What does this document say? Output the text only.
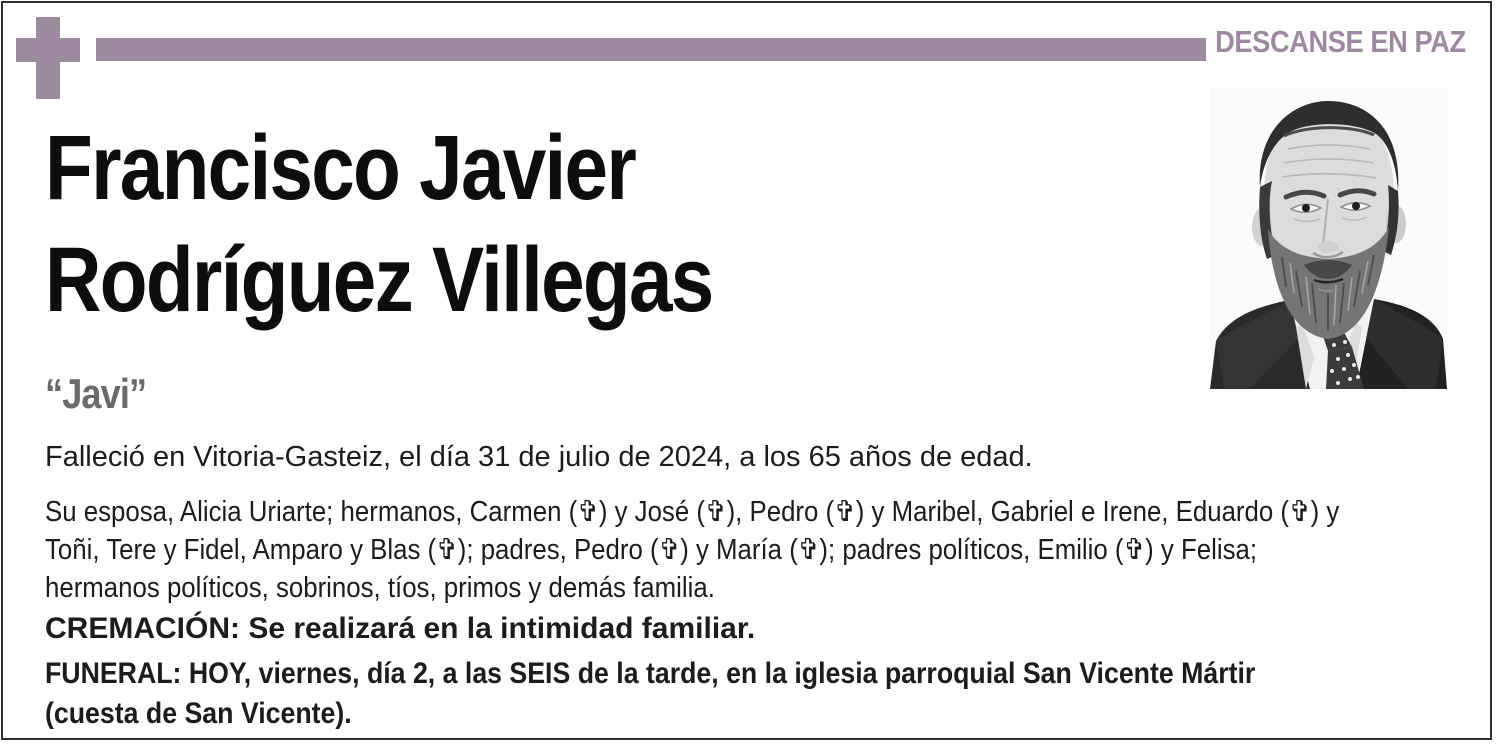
DESCANSE EN PAZ
Francisco Javier
Rodríguez Villegas
“Javi”
Falleció en Vitoria-Gasteiz, el día 31 de julio de 2024, a los 65 años de edad.
Su esposa, Alicia Uriarte; hermanos, Carmen (✞) y José (✞), Pedro (✞) y Maribel, Gabriel e Irene, Eduardo (✞) y
Toñi, Tere y Fidel, Amparo y Blas (✞); padres, Pedro (✞) y María (✞); padres políticos, Emilio (✞) y Felisa;
hermanos políticos, sobrinos, tíos, primos y demás familia.
CREMACIÓN: Se realizará en la intimidad familiar.
FUNERAL: HOY, viernes, día 2, a las SEIS de la tarde, en la iglesia parroquial San Vicente Mártir
(cuesta de San Vicente).
